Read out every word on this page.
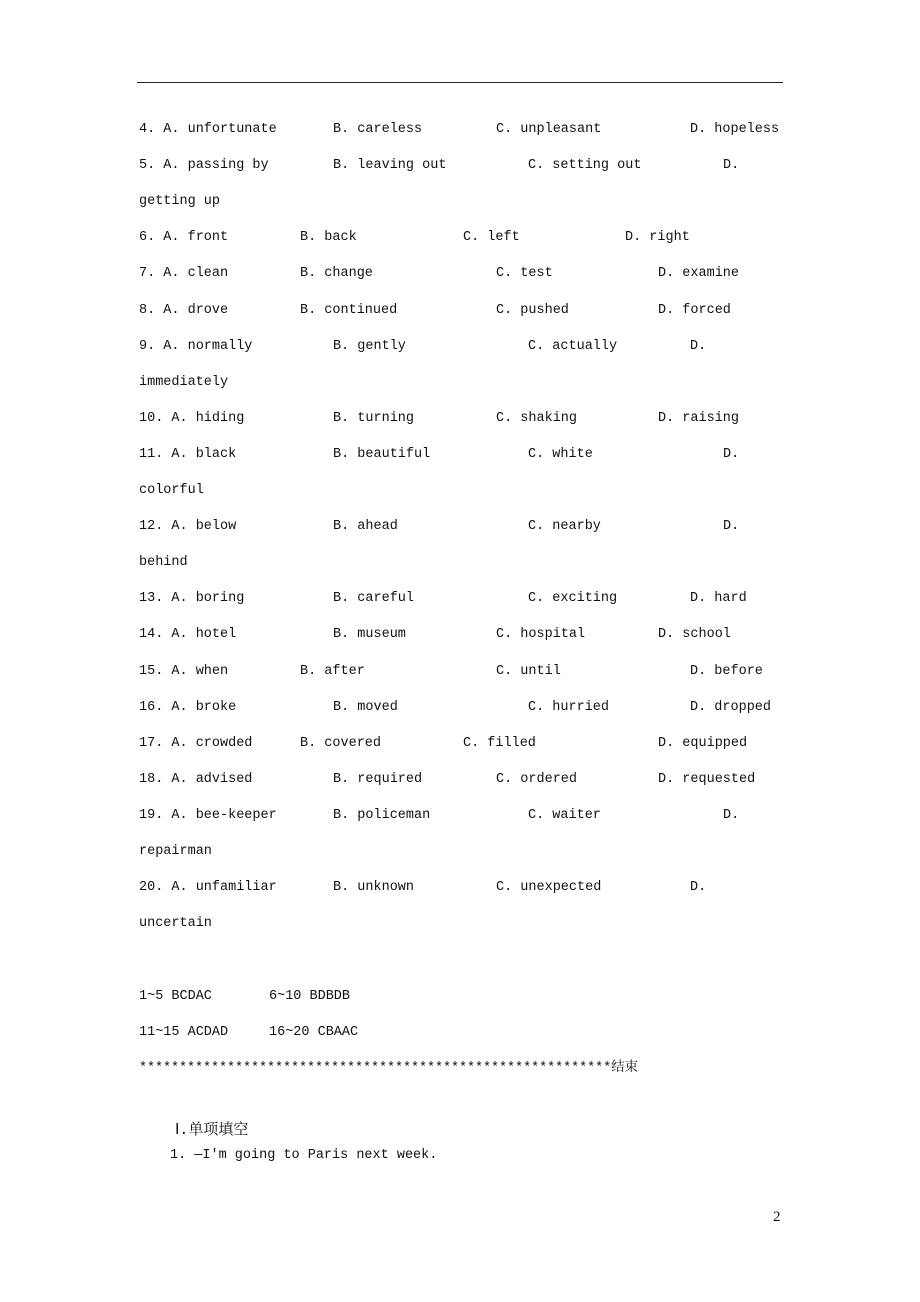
4. A. unfortunate	B. careless	C. unpleasant	D. hopeless
5. A. passing by	B. leaving out	C. setting out	D.
getting up
6. A. front	B. back	C. left	D. right
7. A. clean	B. change	C. test	D. examine
8. A. drove	B. continued	C. pushed	D. forced
9. A. normally	B. gently	C. actually	D.
immediately
10. A. hiding	B. turning	C. shaking	D. raising
11. A. black	B. beautiful	C. white	D.
colorful
12. A. below	B. ahead	C. nearby	D.
behind
13. A. boring	B. careful	C. exciting	D. hard
14. A. hotel	B. museum	C. hospital	D. school
15. A. when	B. after	C. until	D. before
16. A. broke	B. moved	C. hurried	D. dropped
17. A. crowded	B. covered	C. filled	D. equipped
18. A. advised	B. required	C. ordered	D. requested
19. A. bee-keeper	B. policeman	C. waiter	D.
repairman
20. A. unfamiliar	B. unknown	C. unexpected	D.
uncertain
1~5 BCDAC	6~10 BDBDB
11~15 ACDAD	16~20 CBAAC
***********************************************************结束
Ⅰ.单项填空
1. —I'm going to Paris next week.
2
